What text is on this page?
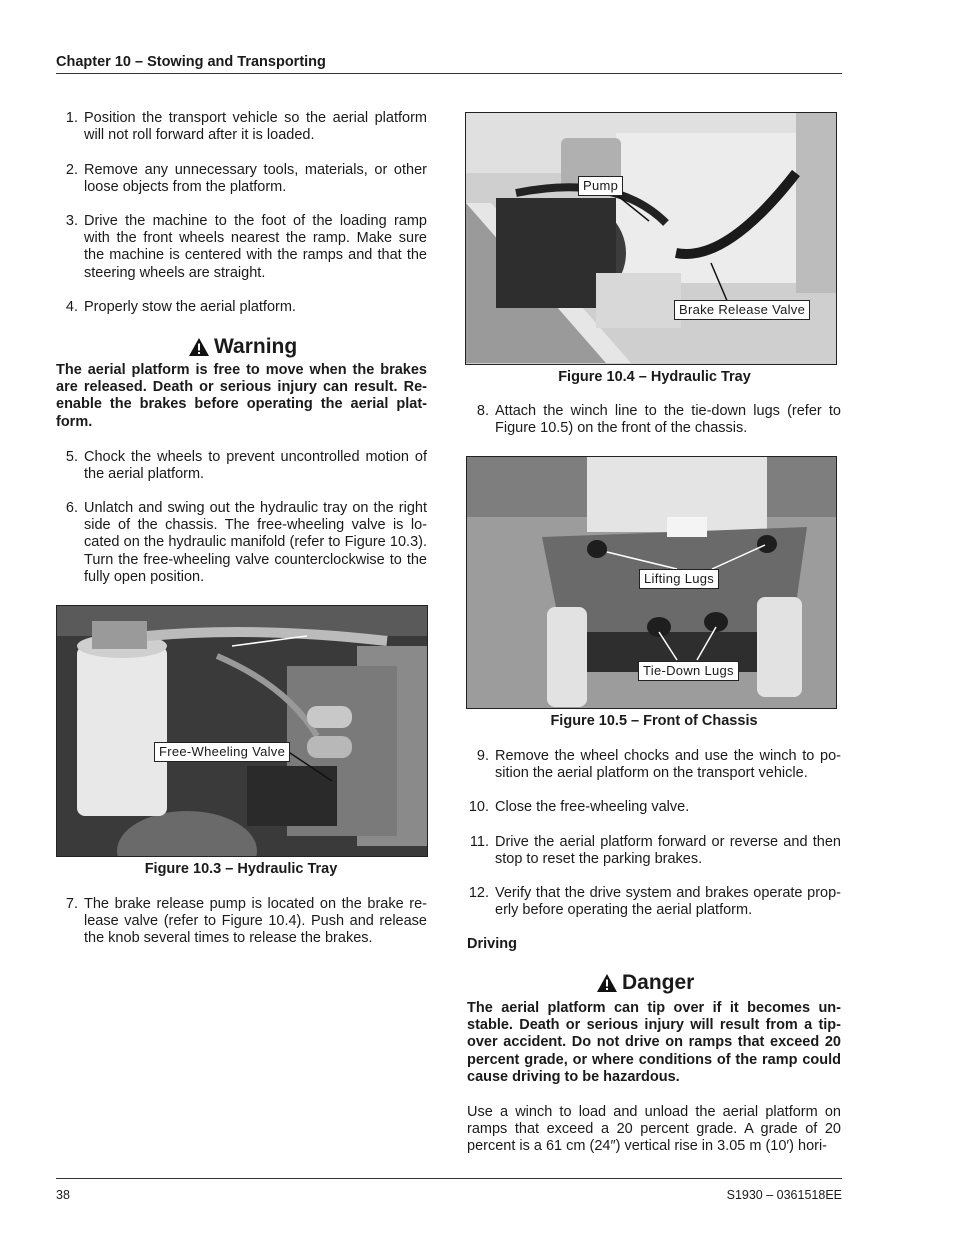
Chapter 10 – Stowing and Transporting
1. Position the transport vehicle so the aerial platform will not roll forward after it is loaded.
2. Remove any unnecessary tools, materials, or other loose objects from the platform.
3. Drive the machine to the foot of the loading ramp with the front wheels nearest the ramp. Make sure the machine is centered with the ramps and that the steering wheels are straight.
4. Properly stow the aerial platform.
Warning
The aerial platform is free to move when the brakes are released. Death or serious injury can result. Re-enable the brakes before operating the aerial plat-form.
5. Chock the wheels to prevent uncontrolled motion of the aerial platform.
6. Unlatch and swing out the hydraulic tray on the right side of the chassis. The free-wheeling valve is lo-cated on the hydraulic manifold (refer to Figure 10.3). Turn the free-wheeling valve counterclockwise to the fully open position.
Free-Wheeling Valve
Figure 10.3 – Hydraulic Tray
7. The brake release pump is located on the brake re-lease valve (refer to Figure 10.4). Push and release the knob several times to release the brakes.
Pump
Brake Release Valve
Figure 10.4 – Hydraulic Tray
8. Attach the winch line to the tie-down lugs (refer to Figure 10.5) on the front of the chassis.
Lifting Lugs
Tie-Down Lugs
Figure 10.5 – Front of Chassis
9. Remove the wheel chocks and use the winch to po-sition the aerial platform on the transport vehicle.
10. Close the free-wheeling valve.
11. Drive the aerial platform forward or reverse and then stop to reset the parking brakes.
12. Verify that the drive system and brakes operate prop-erly before operating the aerial platform.
Driving
Danger
The aerial platform can tip over if it becomes un-stable. Death or serious injury will result from a tip-over accident. Do not drive on ramps that exceed 20 percent grade, or where conditions of the ramp could cause driving to be hazardous.
Use a winch to load and unload the aerial platform on ramps that exceed a 20 percent grade. A grade of 20 percent is a 61 cm (24″) vertical rise in 3.05 m (10′) hori-
38	S1930 – 0361518EE
